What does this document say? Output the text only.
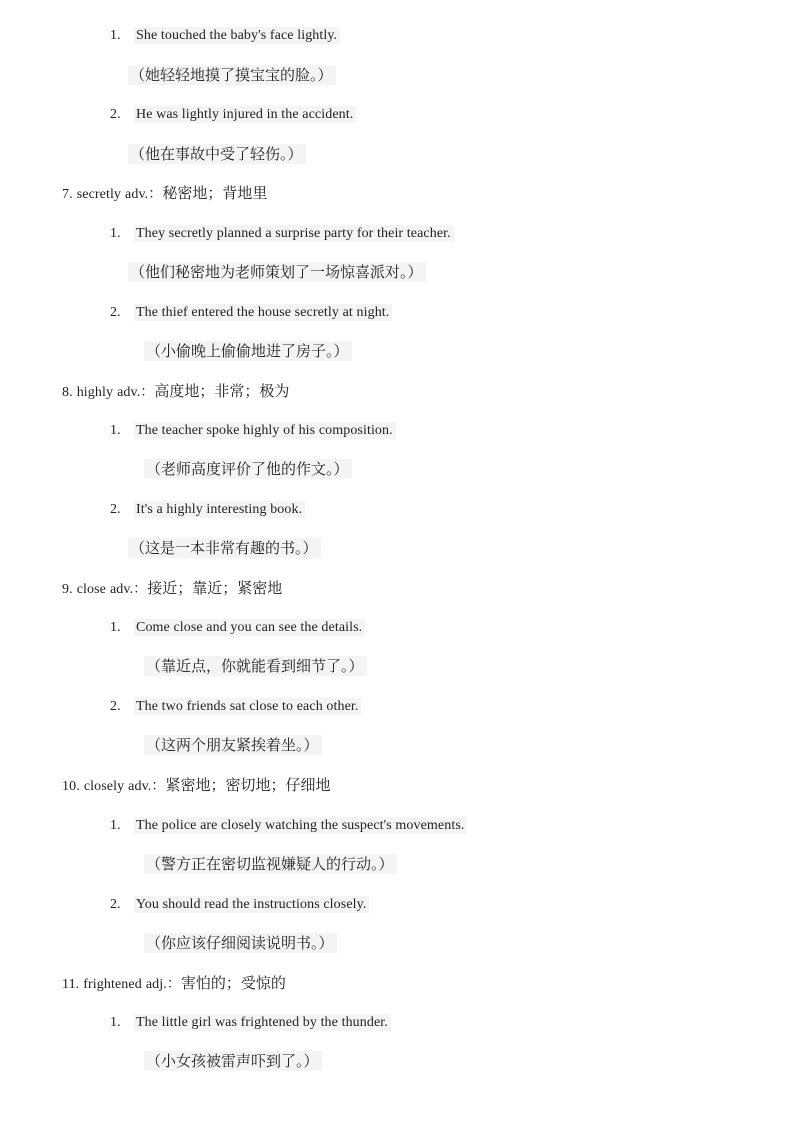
1. She touched the baby's face lightly.
（她轻轻地摸了摸宝宝的脸。）
2. He was lightly injured in the accident.
（他在事故中受了轻伤。）
7. secretly adv.：秘密地；背地里
1. They secretly planned a surprise party for their teacher.
（他们秘密地为老师策划了一场惊喜派对。）
2. The thief entered the house secretly at night.
（小偷晚上偷偷地进了房子。）
8. highly adv.：高度地；非常；极为
1. The teacher spoke highly of his composition.
（老师高度评价了他的作文。）
2. It's a highly interesting book.
（这是一本非常有趣的书。）
9. close adv.：接近；靠近；紧密地
1. Come close and you can see the details.
（靠近点，你就能看到细节了。）
2. The two friends sat close to each other.
（这两个朋友紧挨着坐。）
10. closely adv.：紧密地；密切地；仔细地
1. The police are closely watching the suspect's movements.
（警方正在密切监视嫌疑人的行动。）
2. You should read the instructions closely.
（你应该仔细阅读说明书。）
11. frightened adj.：害怕的；受惊的
1. The little girl was frightened by the thunder.
（小女孩被雷声吓到了。）
